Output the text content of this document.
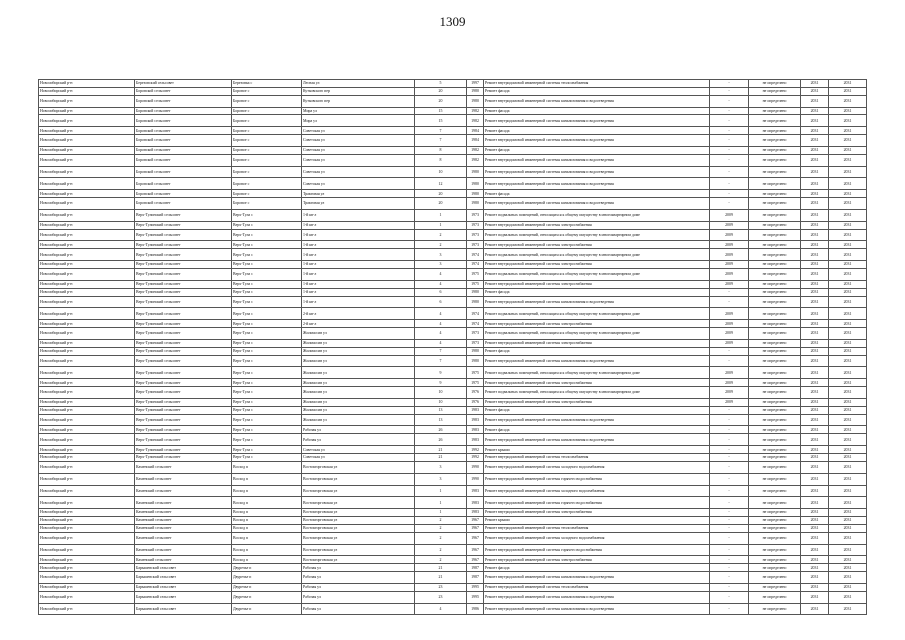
1309
Новосибирский р-н	Березовский сельсовет	Березовка с	Лесная ул	5	1997	Ремонт внутридомовой инженерной системы теплоснабжения	-	не определено	2031	2031
Новосибирский р-н	Боровской сельсовет	Боровое с	Кутковского пер	20	1980	Ремонт фасада	-	не определено	2031	2031
Новосибирский р-н	Боровской сельсовет	Боровое с	Кутковского пер	20	1980	Ремонт внутридомовой инженерной системы канализования и водоотведения	-	не определено	2031	2031
Новосибирский р-н	Боровской сельсовет	Боровое с	Мира ул	15	1982	Ремонт фасада	-	не определено	2031	2031
Новосибирский р-н	Боровской сельсовет	Боровое с	Мира ул	15	1982	Ремонт внутридомовой инженерной системы канализования и водоотведения	-	не определено	2031	2031
Новосибирский р-н	Боровской сельсовет	Боровое с	Советская ул	7	1984	Ремонт фасада	-	не определено	2031	2031
Новосибирский р-н	Боровской сельсовет	Боровое с	Советская ул	7	1984	Ремонт внутридомовой инженерной системы канализования и водоотведения	-	не определено	2031	2031
Новосибирский р-н	Боровской сельсовет	Боровое с	Советская ул	8	1982	Ремонт фасада	-	не определено	2031	2031
Новосибирский р-н	Боровской сельсовет	Боровое с	Советская ул	8	1982	Ремонт внутридомовой инженерной системы канализования и водоотведения	-	не определено	2031	2031
Новосибирский р-н	Боровской сельсовет	Боровое с	Советская ул	10	1980	Ремонт внутридомовой инженерной системы канализования и водоотведения	-	не определено	2031	2031
Новосибирский р-н	Боровской сельсовет	Боровое с	Советская ул	12	1980	Ремонт внутридомовой инженерной системы канализования и водоотведения	-	не определено	2031	2031
Новосибирский р-н	Боровской сельсовет	Боровое с	Трактовая ул	20	1980	Ремонт фасада	-	не определено	2031	2031
Новосибирский р-н	Боровской сельсовет	Боровое с	Трактовая ул	20	1980	Ремонт внутридомовой инженерной системы канализования и водоотведения	-	не определено	2031	2031
Новосибирский р-н	Верх-Тулинский сельсовет	Верх-Тула с	1-й кв-л	1	1973	Ремонт подвальных помещений, относящихся к общему имуществу в многоквартирном доме	2009	не определено	2031	2031
Новосибирский р-н	Верх-Тулинский сельсовет	Верх-Тула с	1-й кв-л	1	1973	Ремонт внутридомовой инженерной системы электроснабжения	2009	не определено	2031	2031
Новосибирский р-н	Верх-Тулинский сельсовет	Верх-Тула с	1-й кв-л	2	1973	Ремонт подвальных помещений, относящихся к общему имуществу в многоквартирном доме	2009	не определено	2031	2031
Новосибирский р-н	Верх-Тулинский сельсовет	Верх-Тула с	1-й кв-л	2	1973	Ремонт внутридомовой инженерной системы электроснабжения	2009	не определено	2031	2031
Новосибирский р-н	Верх-Тулинский сельсовет	Верх-Тула с	1-й кв-л	3	1974	Ремонт подвальных помещений, относящихся к общему имуществу в многоквартирном доме	2009	не определено	2031	2031
Новосибирский р-н	Верх-Тулинский сельсовет	Верх-Тула с	1-й кв-л	3	1974	Ремонт внутридомовой инженерной системы электроснабжения	2009	не определено	2031	2031
Новосибирский р-н	Верх-Тулинский сельсовет	Верх-Тула с	1-й кв-л	4	1975	Ремонт подвальных помещений, относящихся к общему имуществу в многоквартирном доме	2009	не определено	2031	2031
Новосибирский р-н	Верх-Тулинский сельсовет	Верх-Тула с	1-й кв-л	4	1975	Ремонт внутридомовой инженерной системы электроснабжения	2009	не определено	2031	2031
Новосибирский р-н	Верх-Тулинский сельсовет	Верх-Тула с	1-й кв-л	6	1980	Ремонт фасада	-	не определено	2031	2031
Новосибирский р-н	Верх-Тулинский сельсовет	Верх-Тула с	1-й кв-л	6	1980	Ремонт внутридомовой инженерной системы канализования и водоотведения	-	не определено	2031	2031
Новосибирский р-н	Верх-Тулинский сельсовет	Верх-Тула с	2-й кв-л	4	1974	Ремонт подвальных помещений, относящихся к общему имуществу в многоквартирном доме	2009	не определено	2031	2031
Новосибирский р-н	Верх-Тулинский сельсовет	Верх-Тула с	2-й кв-л	4	1974	Ремонт внутридомовой инженерной системы электроснабжения	2009	не определено	2031	2031
Новосибирский р-н	Верх-Тулинский сельсовет	Верх-Тула с	Жилмассив ул	4	1973	Ремонт подвальных помещений, относящихся к общему имуществу в многоквартирном доме	2009	не определено	2031	2031
Новосибирский р-н	Верх-Тулинский сельсовет	Верх-Тула с	Жилмассив ул	4	1973	Ремонт внутридомовой инженерной системы электроснабжения	2009	не определено	2031	2031
Новосибирский р-н	Верх-Тулинский сельсовет	Верх-Тула с	Жилмассив ул	7	1980	Ремонт фасада	-	не определено	2031	2031
Новосибирский р-н	Верх-Тулинский сельсовет	Верх-Тула с	Жилмассив ул	7	1980	Ремонт внутридомовой инженерной системы канализования и водоотведения	-	не определено	2031	2031
Новосибирский р-н	Верх-Тулинский сельсовет	Верх-Тула с	Жилмассив ул	9	1975	Ремонт подвальных помещений, относящихся к общему имуществу в многоквартирном доме	2009	не определено	2031	2031
Новосибирский р-н	Верх-Тулинский сельсовет	Верх-Тула с	Жилмассив ул	9	1975	Ремонт внутридомовой инженерной системы электроснабжения	2009	не определено	2031	2031
Новосибирский р-н	Верх-Тулинский сельсовет	Верх-Тула с	Жилмассив ул	10	1976	Ремонт подвальных помещений, относящихся к общему имуществу в многоквартирном доме	2009	не определено	2031	2031
Новосибирский р-н	Верх-Тулинский сельсовет	Верх-Тула с	Жилмассив ул	10	1976	Ремонт внутридомовой инженерной системы электроснабжения	2009	не определено	2031	2031
Новосибирский р-н	Верх-Тулинский сельсовет	Верх-Тула с	Жилмассив ул	13	1983	Ремонт фасада	-	не определено	2031	2031
Новосибирский р-н	Верх-Тулинский сельсовет	Верх-Тула с	Жилмассив ул	13	1983	Ремонт внутридомовой инженерной системы канализования и водоотведения	-	не определено	2031	2031
Новосибирский р-н	Верх-Тулинский сельсовет	Верх-Тула с	Рабочая ул	26	1983	Ремонт фасада	-	не определено	2031	2031
Новосибирский р-н	Верх-Тулинский сельсовет	Верх-Тула с	Рабочая ул	26	1983	Ремонт внутридомовой инженерной системы канализования и водоотведения	-	не определено	2031	2031
Новосибирский р-н	Верх-Тулинский сельсовет	Верх-Тула с	Советская ул	21	1992	Ремонт крыши	-	не определено	2031	2031
Новосибирский р-н	Верх-Тулинский сельсовет	Верх-Тула с	Советская ул	21	1992	Ремонт внутридомовой инженерной системы теплоснабжения	-	не определено	2031	2031
Новосибирский р-н	Каменский сельсовет	Восход п	Востокторговская ул	3	1990	Ремонт внутридомовой инженерной системы холодного водоснабжения	-	не определено	2031	2031
Новосибирский р-н	Каменский сельсовет	Восход п	Востокторговская ул	3	1990	Ремонт внутридомовой инженерной системы горячего водоснабжения	-	не определено	2031	2031
Новосибирский р-н	Каменский сельсовет	Восход п	Востокторговская ул	1	1983	Ремонт внутридомовой инженерной системы холодного водоснабжения	-	не определено	2031	2031
Новосибирский р-н	Каменский сельсовет	Восход п	Востокторговская ул	1	1983	Ремонт внутридомовой инженерной системы горячего водоснабжения	-	не определено	2031	2031
Новосибирский р-н	Каменский сельсовет	Восход п	Востокторговская ул	1	1983	Ремонт внутридомовой инженерной системы электроснабжения	-	не определено	2031	2031
Новосибирский р-н	Каменский сельсовет	Восход п	Востокторговская ул	2	1967	Ремонт крыши	-	не определено	2031	2031
Новосибирский р-н	Каменский сельсовет	Восход п	Востокторговская ул	2	1967	Ремонт внутридомовой инженерной системы теплоснабжения	-	не определено	2031	2031
Новосибирский р-н	Каменский сельсовет	Восход п	Востокторговская ул	2	1967	Ремонт внутридомовой инженерной системы холодного водоснабжения	-	не определено	2031	2031
Новосибирский р-н	Каменский сельсовет	Восход п	Востокторговская ул	2	1967	Ремонт внутридомовой инженерной системы горячего водоснабжения	-	не определено	2031	2031
Новосибирский р-н	Каменский сельсовет	Восход п	Востокторговская ул	2	1967	Ремонт внутридомовой инженерной системы электроснабжения	-	не определено	2031	2031
Новосибирский р-н	Барышевский сельсовет	Двуречье п	Рабочая ул	21	1987	Ремонт фасада	-	не определено	2031	2031
Новосибирский р-н	Барышевский сельсовет	Двуречье п	Рабочая ул	21	1987	Ремонт внутридомовой инженерной системы канализования и водоотведения	-	не определено	2031	2031
Новосибирский р-н	Барышевский сельсовет	Двуречье п	Рабочая ул	23	1995	Ремонт внутридомовой инженерной системы теплоснабжения	-	не определено	2031	2031
Новосибирский р-н	Барышевский сельсовет	Двуречье п	Рабочая ул	23	1995	Ремонт внутридомовой инженерной системы канализования и водоотведения	-	не определено	2031	2031
Новосибирский р-н	Барышевский сельсовет	Двуречье п	Рабочая ул	4	1986	Ремонт внутридомовой инженерной системы канализования и водоотведения	-	не определено	2031	2031
